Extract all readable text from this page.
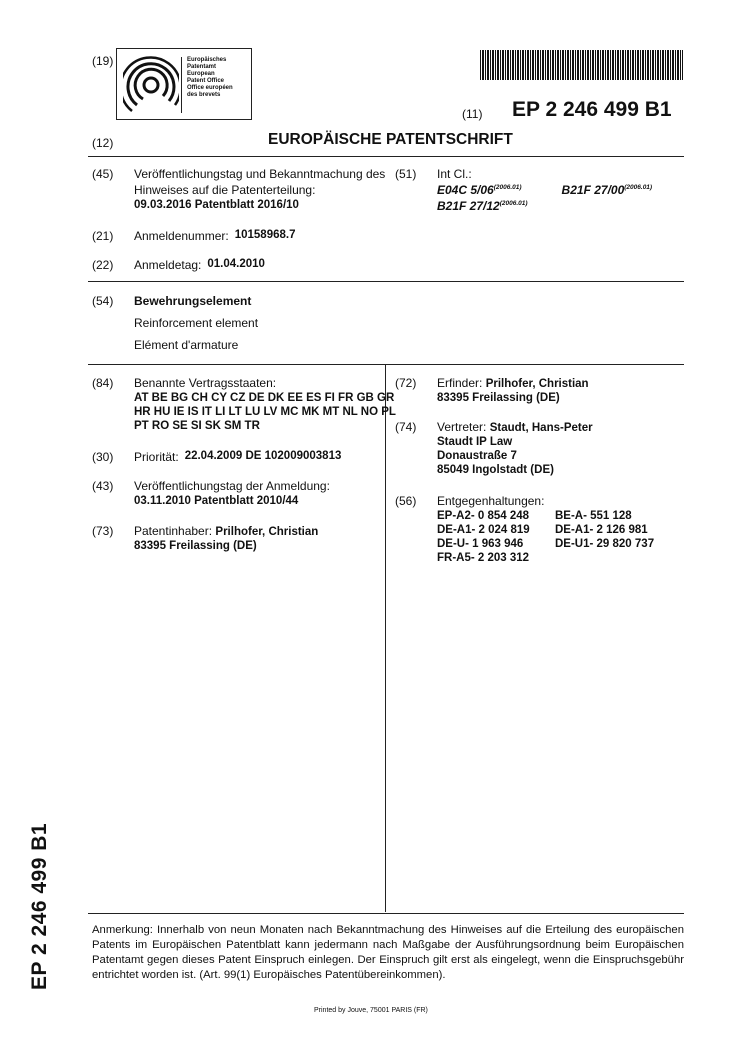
(19)	Europäisches
Patentamt
European
Patent Office
Office européen
des brevets
(11) EP 2 246 499 B1
(12)	EUROPÄISCHE PATENTSCHRIFT
(45)	Veröffentlichungstag und Bekanntmachung des
Hinweises auf die Patenterteilung:
09.03.2016 Patentblatt 2016/10
(51)	Int Cl.:
E04C $5/06^{(2006.01)}$	B21F $27/00^{(2006.01)}$
B21F $27/12^{(2006.01)}$
(21)	Anmeldenummer: 10158968.7
(22)	Anmeldetag: 01.04.2010
(54)	Bewehrungselement
Reinforcement element
Elément d'armature
(84)	Benannte Vertragsstaaten:
AT BE BG CH CY CZ DE DK EE ES FI FR GB GR
HR HU IE IS IT LI LT LU LV MC MK MT NL NO PL
PT RO SE SI SK SM TR
(30)	Priorität: 22.04.2009 DE 102009003813
(43)	Veröffentlichungstag der Anmeldung:
03.11.2010 Patentblatt 2010/44
(73)	Patentinhaber: Prilhofer, Christian
83395 Freilassing (DE)
(72)	Erfinder: Prilhofer, Christian
83395 Freilassing (DE)
(74)	Vertreter: Staudt, Hans-Peter
Staudt IP Law
Donaustraße 7
85049 Ingolstadt (DE)
(56)	Entgegenhaltungen:
EP-A2- 0 854 248	BE-A- 551 128
DE-A1- 2 024 819	DE-A1- 2 126 981
DE-U- 1 963 946	DE-U1- 29 820 737
FR-A5- 2 203 312
Anmerkung: Innerhalb von neun Monaten nach Bekanntmachung des Hinweises auf die Erteilung des europäischen Patents im Europäischen Patentblatt kann jedermann nach Maßgabe der Ausführungsordnung beim Europäischen Patentamt gegen dieses Patent Einspruch einlegen. Der Einspruch gilt erst als eingelegt, wenn die Einspruchsgebühr entrichtet worden ist. (Art. 99(1) Europäisches Patentübereinkommen).
Printed by Jouve, 75001 PARIS (FR)
EP 2 246 499 B1
